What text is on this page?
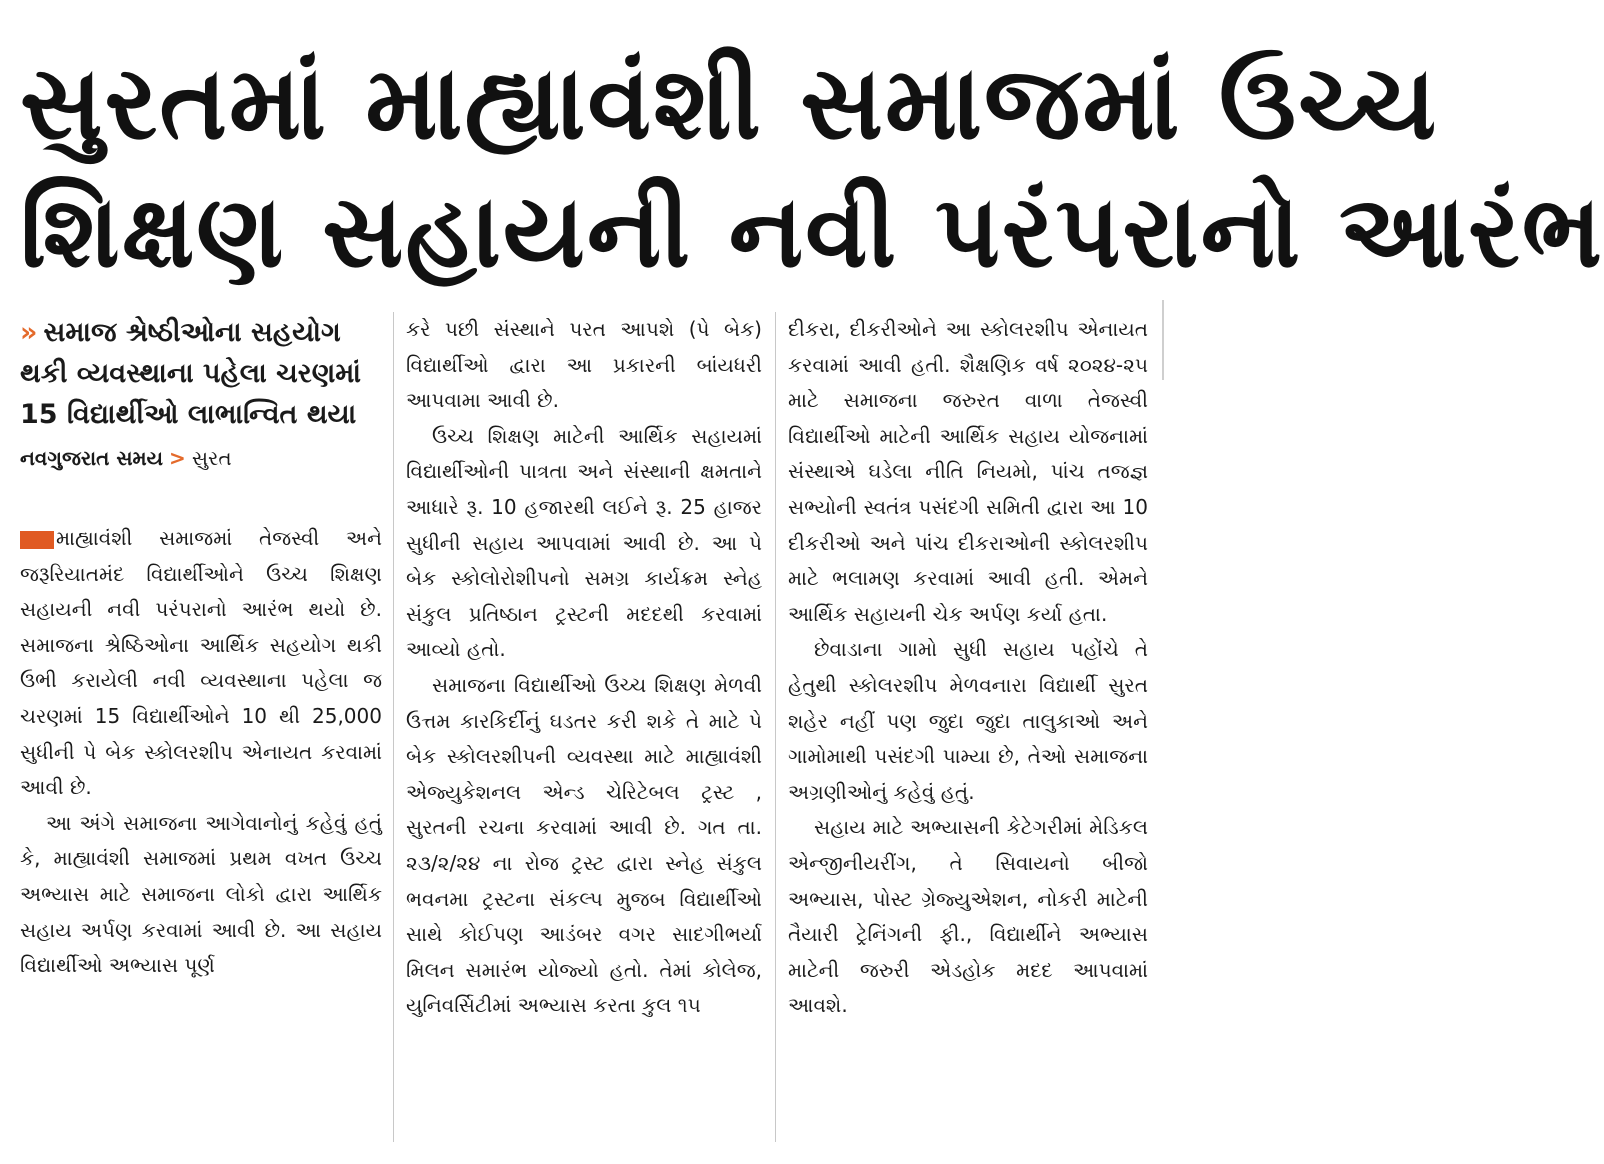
સુરતમાં માહ્યાવંશી સમાજમાં ઉચ્ચ
શિક્ષણ સહાયની નવી પરંપરાનો આરંભ
» સમાજ શ્રેષ્ઠીઓના સહયોગ થકી વ્યવસ્થાના પહેલા ચરણમાં 15 વિદ્યાર્થીઓ લાભાન્વિત થયા
નવગુજરાત સમય > સુરત

માહ્યાવંશી સમાજમાં તેજસ્વી અને જરૂરિયાતમંદ વિદ્યાર્થીઓને ઉચ્ચ શિક્ષણ સહાયની નવી પરંપરાનો આરંભ થયો છે. સમાજના શ્રેષ્ઠિઓના આર્થિક સહયોગ થકી ઉભી કરાયેલી નવી વ્યવસ્થાના પહેલા જ ચરણમાં 15 વિદ્યાર્થીઓને 10 થી 25,000 સુધીની પે બેક સ્કોલરશીપ એનાયત કરવામાં આવી છે.

આ અંગે સમાજના આગેવાનોનું કહેવું હતું કે, માહ્યાવંશી સમાજમાં પ્રથમ વખત ઉચ્ચ અભ્યાસ માટે સમાજના લોકો દ્વારા આર્થિક સહાય અર્પણ કરવામાં આવી છે. આ સહાય વિદ્યાર્થીઓ અભ્યાસ પૂર્ણ

કરે પછી સંસ્થાને પરત આપશે (પે બેક) વિદ્યાર્થીઓ દ્વારા આ પ્રકારની બાંયધરી આપવામા આવી છે.

ઉચ્ચ શિક્ષણ માટેની આર્થિક સહાયમાં વિદ્યાર્થીઓની પાત્રતા અને સંસ્થાની ક્ષમતાને આધારે રૂ. 10 હજારથી લઈને રૂ. 25 હાજર સુધીની સહાય આપવામાં આવી છે. આ પે બેક સ્કોલોરોશીપનો સમગ્ર કાર્યક્રમ સ્નેહ સંકુલ પ્રતિષ્ઠાન ટ્રસ્ટની મદદથી કરવામાં આવ્યો હતો.

સમાજના વિદ્યાર્થીઓ ઉચ્ચ શિક્ષણ મેળવી ઉત્તમ કારકિર્દીનું ઘડતર કરી શકે તે માટે પે બેક સ્કોલરશીપની વ્યવસ્થા માટે માહ્યાવંશી એજ્યુકેશનલ એન્ડ ચેરિટેબલ ટ્રસ્ટ , સુરતની રચના કરવામાં આવી છે. ગત તા. ૨૩/૨/૨૪ ના રોજ ટ્રસ્ટ દ્વારા સ્નેહ સંકુલ ભવનમા ટ્રસ્ટના સંકલ્પ મુજબ વિદ્યાર્થીઓ સાથે કોઈપણ આડંબર વગર સાદગીભર્યા મિલન સમારંભ યોજ્યો હતો. તેમાં કોલેજ, યુનિવર્સિટીમાં અભ્યાસ કરતા કુલ ૧૫

દીકરા, દીકરીઓને આ સ્કોલરશીપ એનાયત કરવામાં આવી હતી. શૈક્ષણિક વર્ષ ૨૦૨૪-૨૫ માટે સમાજના જરુરત વાળા તેજસ્વી વિદ્યાર્થીઓ માટેની આર્થિક સહાય યોજનામાં સંસ્થાએ ઘડેલા નીતિ નિયમો, પાંચ તજજ્ઞ સભ્યોની સ્વતંત્ર પસંદગી સમિતી દ્વારા આ 10 દીકરીઓ અને પાંચ દીકરાઓની સ્કોલરશીપ માટે ભલામણ કરવામાં આવી હતી. એમને આર્થિક સહાયની ચેક અર્પણ કર્યા હતા.

છેવાડાના ગામો સુધી સહાય પહોંચે તે હેતુથી સ્કોલરશીપ મેળવનારા વિદ્યાર્થી સુરત શહેર નહીં પણ જુદા જુદા તાલુકાઓ અને ગામોમાથી પસંદગી પામ્યા છે, તેઓ સમાજના અગ્રણીઓનું કહેવું હતું.

સહાય માટે અભ્યાસની કેટેગરીમાં મેડિકલ એન્જીનીયરીંગ, તે સિવાયનો બીજો અભ્યાસ, પોસ્ટ ગ્રેજ્યુએશન, નોકરી માટેની તૈયારી ટ્રેનિંગની ફી., વિદ્યાર્થીને અભ્યાસ માટેની જરુરી એડહોક મદદ આપવામાં આવશે.
